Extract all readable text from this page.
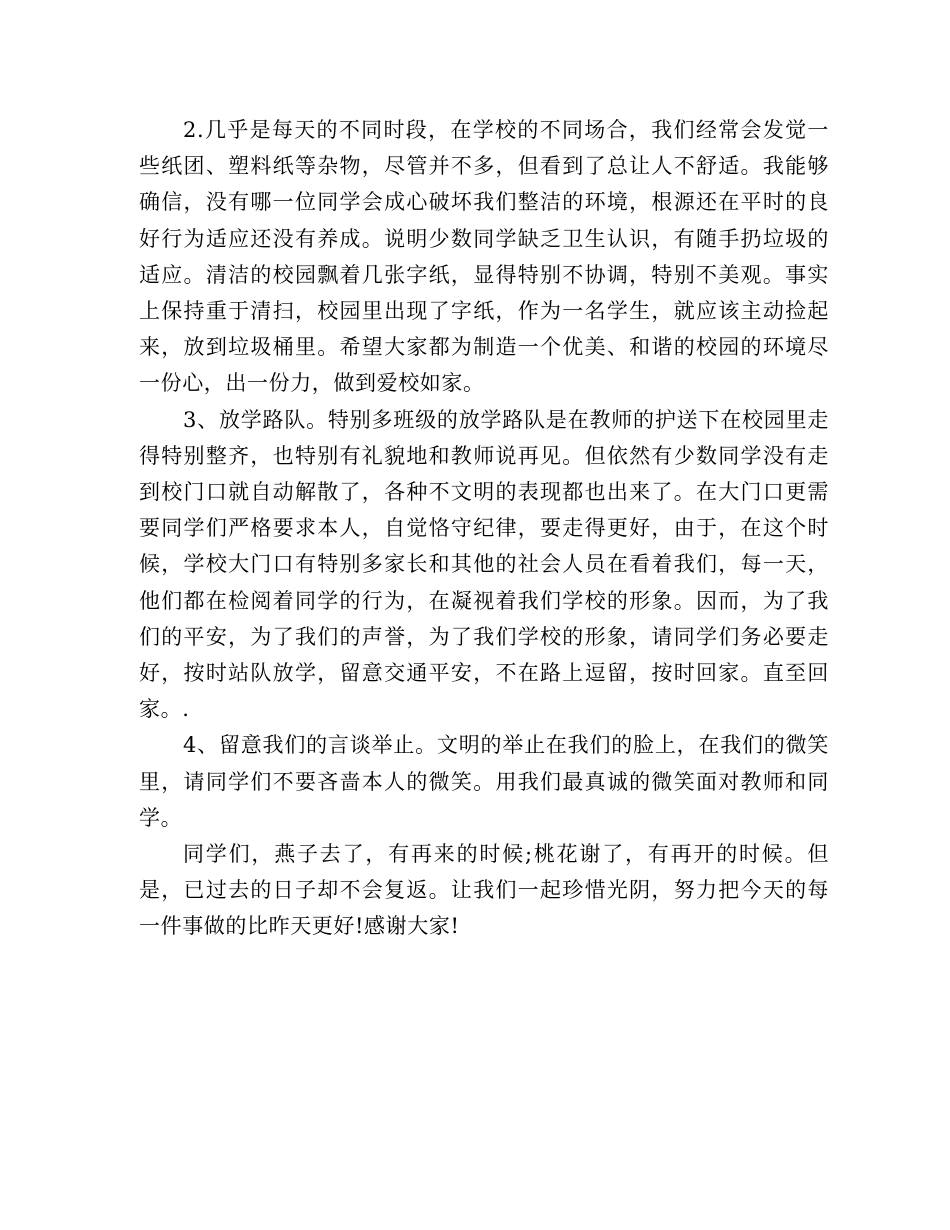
2.几乎是每天的不同时段，在学校的不同场合，我们经常会发觉一些纸团、塑料纸等杂物，尽管并不多，但看到了总让人不舒适。我能够确信，没有哪一位同学会成心破坏我们整洁的环境，根源还在平时的良好行为适应还没有养成。说明少数同学缺乏卫生认识，有随手扔垃圾的适应。清洁的校园飘着几张字纸，显得特别不协调，特别不美观。事实上保持重于清扫，校园里出现了字纸，作为一名学生，就应该主动捡起来，放到垃圾桶里。希望大家都为制造一个优美、和谐的校园的环境尽一份心，出一份力，做到爱校如家。

3、放学路队。特别多班级的放学路队是在教师的护送下在校园里走得特别整齐，也特别有礼貌地和教师说再见。但依然有少数同学没有走到校门口就自动解散了，各种不文明的表现都也出来了。在大门口更需要同学们严格要求本人，自觉恪守纪律，要走得更好，由于，在这个时候，学校大门口有特别多家长和其他的社会人员在看着我们，每一天，他们都在检阅着同学的行为，在凝视着我们学校的形象。因而，为了我们的平安，为了我们的声誉，为了我们学校的形象，请同学们务必要走好，按时站队放学，留意交通平安，不在路上逗留，按时回家。直至回家。.

4、留意我们的言谈举止。文明的举止在我们的脸上，在我们的微笑里，请同学们不要吝啬本人的微笑。用我们最真诚的微笑面对教师和同学。

同学们，燕子去了，有再来的时候;桃花谢了，有再开的时候。但是，已过去的日子却不会复返。让我们一起珍惜光阴，努力把今天的每一件事做的比昨天更好!感谢大家!
